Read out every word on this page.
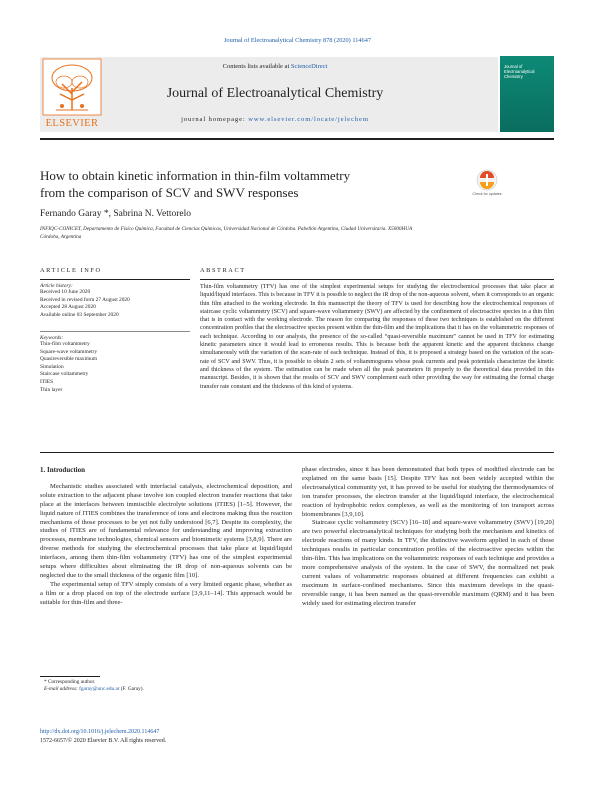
Journal of Electroanalytical Chemistry 878 (2020) 114647
ELSEVIER
Contents lists available at ScienceDirect
Journal of Electroanalytical Chemistry
journal homepage: www.elsevier.com/locate/jelechem
Journal of Electroanalytical Chemistry
How to obtain kinetic information in thin-film voltammetry
from the comparison of SCV and SWV responses	Check for updates
Fernando Garay *, Sabrina N. Vettorelo
INFIQC-CONICET, Departamento de Físico Química, Facultad de Ciencias Químicas, Universidad Nacional de Córdoba. Pabellón Argentina, Ciudad Universitaria. X5000HUA
Córdoba, Argentina
ARTICLE INFO	ABSTRACT
Article history:
Received 10 June 2020
Received in revised form 27 August 2020
Accepted 28 August 2020
Available online 03 September 2020
Keywords:
Thin-film voltammetry
Square-wave voltammetry
Quasireversible maximum
Simulation
Staircase voltammetry
ITIES
Thin layer
Thin-film voltammetry (TFV) has one of the simplest experimental setups for studying the electrochemical processes that take place at liquid/liquid interfaces. This is because in TFV it is possible to neglect the iR drop of the non-aqueous solvent, when it corresponds to an organic thin film attached to the working electrode. In this manuscript the theory of TFV is used for describing how the electrochemical responses of staircase cyclic voltammetry (SCV) and square-wave voltammetry (SWV) are affected by the confinement of electroactive species in a thin film that is in contact with the working electrode. The reason for comparing the responses of these two techniques is established on the different concentration profiles that the electroactive species present within the thin-film and the implications that it has on the voltammetric responses of each technique. According to our analysis, the presence of the so-called “quasi-reversible maximum” cannot be used in TFV for estimating kinetic parameters since it would lead to erroneous results. This is because both the apparent kinetic and the apparent thickness change simultaneously with the variation of the scan-rate of each technique. Instead of this, it is proposed a strategy based on the variation of the scan-rate of SCV and SWV. Thus, it is possible to obtain 2 sets of voltammograms whose peak currents and peak potentials characterize the kinetic and thickness of the system. The estimation can be made when all the peak parameters fit properly to the theoretical data provided in this manuscript. Besides, it is shown that the results of SCV and SWV complement each other providing the way for estimating the formal charge transfer rate constant and the thickness of this kind of systems.
1. Introduction

Mechanistic studies associated with interfacial catalysis, electrochemical deposition, and solute extraction to the adjacent phase involve ion coupled electron transfer reactions that take place at the interfaces between immiscible electrolyte solutions (ITIES) [1–5]. However, the liquid nature of ITIES combines the transference of ions and electrons making thus the reaction mechanisms of those processes to be yet not fully understood [6,7]. Despite its complexity, the studies of ITIES are of fundamental relevance for understanding and improving extraction processes, membrane technologies, chemical sensors and biomimetic systems [3,8,9]. There are diverse methods for studying the electrochemical processes that take place at liquid/liquid interfaces, among them thin-film voltammetry (TFV) has one of the simplest experimental setups where difficulties about eliminating the iR drop of non-aqueous solvents can be neglected due to the small thickness of the organic film [10].

The experimental setup of TFV simply consists of a very limited organic phase, whether as a film or a drop placed on top of the electrode surface [3,9,11–14]. This approach would be suitable for thin-film and three-

phase electrodes, since it has been demonstrated that both types of modified electrode can be explained on the same basis [15]. Despite TFV has not been widely accepted within the electroanalytical community yet, it has proved to be useful for studying the thermodynamics of ion transfer processes, the electron transfer at the liquid/liquid interface, the electrochemical reaction of hydrophobic redox complexes, as well as the monitoring of ion transport across biomembranes [3,9,10].

Staircase cyclic voltammetry (SCV) [16–18] and square-wave voltammetry (SWV) [19,20] are two powerful electroanalytical techniques for studying both the mechanism and kinetics of electrode reactions of many kinds. In TFV, the distinctive waveform applied in each of those techniques results in particular concentration profiles of the electroactive species within the thin-film. This has implications on the voltammetric responses of each technique and provides a more comprehensive analysis of the system. In the case of SWV, the normalized net peak current values of voltammetric responses obtained at different frequencies can exhibit a maximum in surface-confined mechanisms. Since this maximum develops in the quasi-reversible range, it has been named as the quasi-reversible maximum (QRM) and it has been widely used for estimating electron transfer

* Corresponding author.
E-mail address: fgaray@unc.edu.ar (F. Garay).
http://dx.doi.org/10.1016/j.jelechem.2020.114647
1572-6657/© 2020 Elsevier B.V. All rights reserved.
